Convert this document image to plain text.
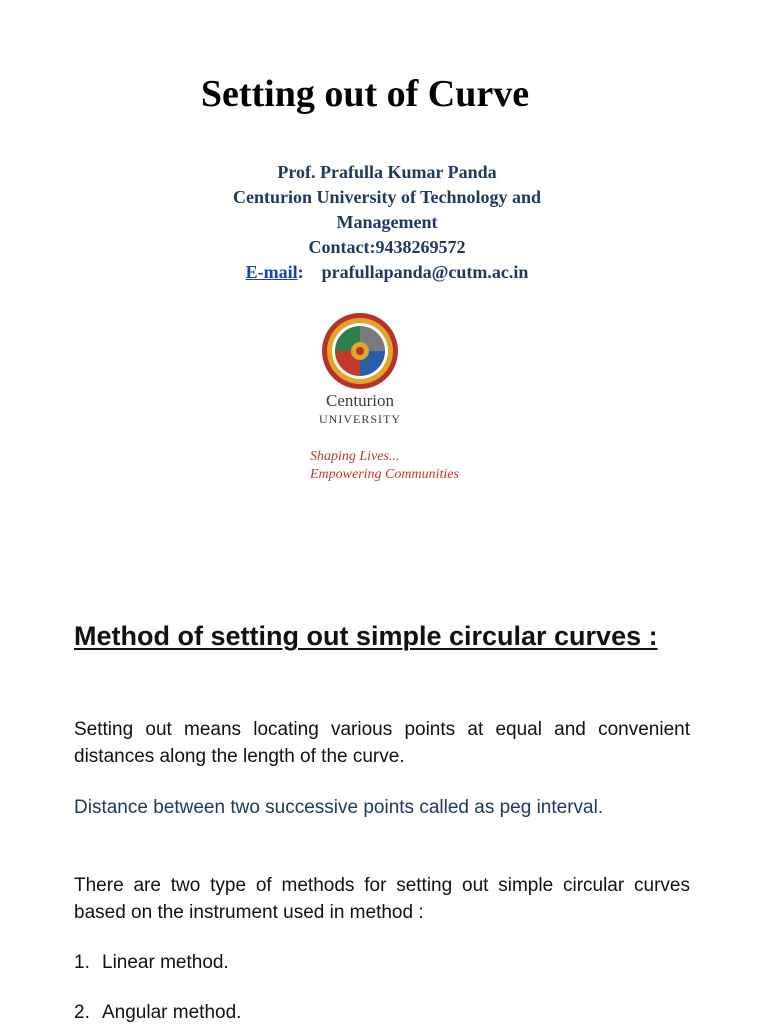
Setting out of Curve
Prof. Prafulla Kumar Panda
Centurion University of Technology and
Management
Contact:9438269572
E-mail: prafullapanda@cutm.ac.in
Centurion
UNIVERSITY
Shaping Lives...
Empowering Communities
Method of setting out simple circular curves :
Setting out means locating various points at equal and convenient distances along the length of the curve.
Distance between two successive points called as peg interval.
There are two type of methods for setting out simple circular curves based on the instrument used in method :
1. Linear method.
2. Angular method.
